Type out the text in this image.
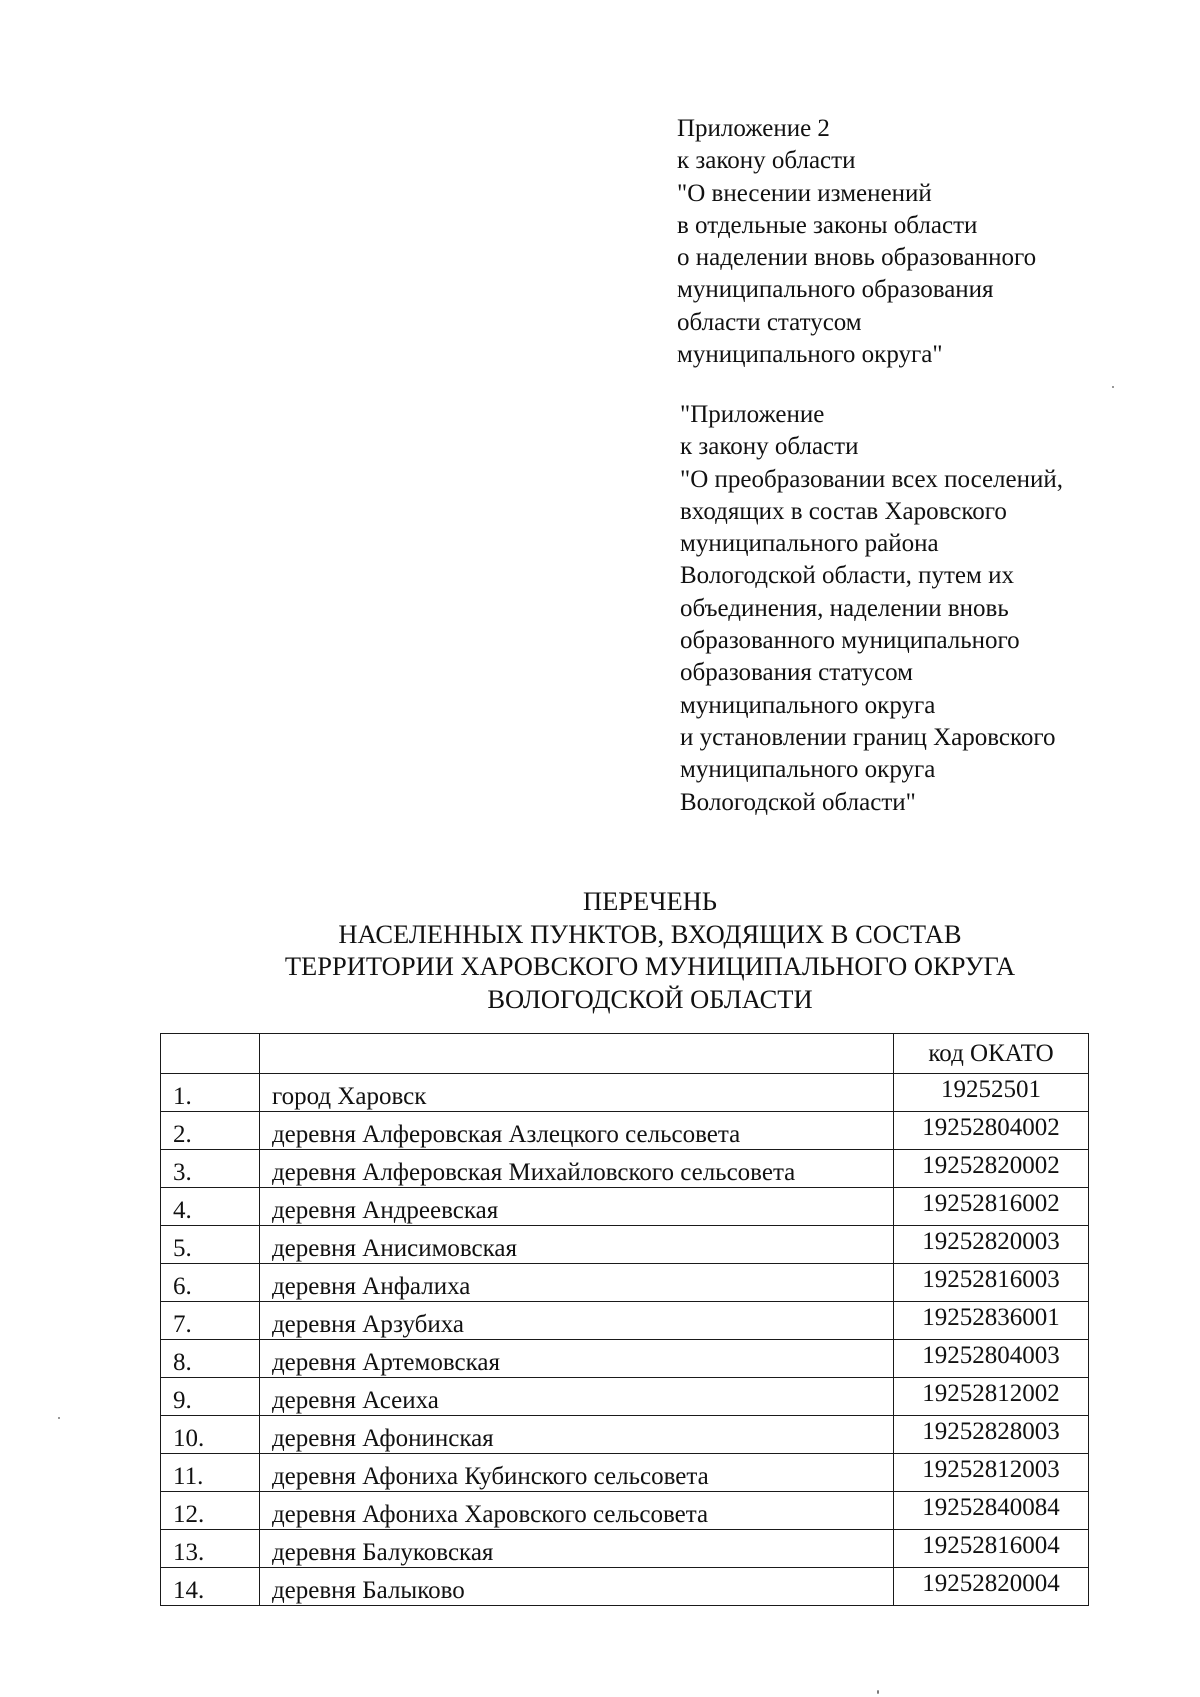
Приложение 2
к закону области
"О внесении изменений
в отдельные законы области
о наделении вновь образованного
муниципального образования
области статусом
муниципального округа"
"Приложение
к закону области
"О преобразовании всех поселений,
входящих в состав Харовского
муниципального района
Вологодской области, путем их
объединения, наделении вновь
образованного муниципального
образования статусом
муниципального округа
и установлении границ Харовского
муниципального округа
Вологодской области"
ПЕРЕЧЕНЬ
НАСЕЛЕННЫХ ПУНКТОВ, ВХОДЯЩИХ В СОСТАВ
ТЕРРИТОРИИ ХАРОВСКОГО МУНИЦИПАЛЬНОГО ОКРУГА
ВОЛОГОДСКОЙ ОБЛАСТИ
		код ОКАТО
1.	город Харовск	19252501
2.	деревня Алферовская Азлецкого сельсовета	19252804002
3.	деревня Алферовская Михайловского сельсовета	19252820002
4.	деревня Андреевская	19252816002
5.	деревня Анисимовская	19252820003
6.	деревня Анфалиха	19252816003
7.	деревня Арзубиха	19252836001
8.	деревня Артемовская	19252804003
9.	деревня Асеиха	19252812002
10.	деревня Афонинская	19252828003
11.	деревня Афониха Кубинского сельсовета	19252812003
12.	деревня Афониха Харовского сельсовета	19252840084
13.	деревня Балуковская	19252816004
14.	деревня Балыково	19252820004
